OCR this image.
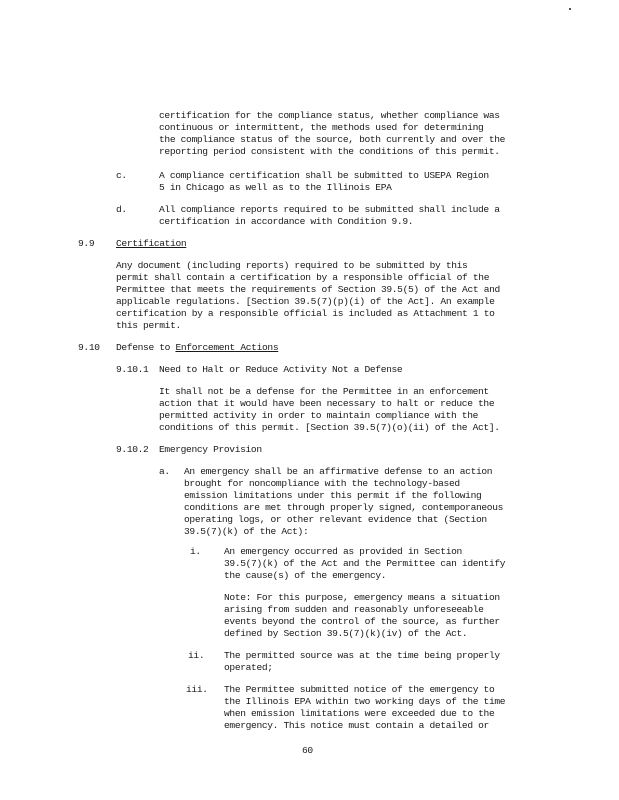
certification for the compliance status, whether compliance was
continuous or intermittent, the methods used for determining
the compliance status of the source, both currently and over the
reporting period consistent with the conditions of this permit.
c.	A compliance certification shall be submitted to USEPA Region
5 in Chicago as well as to the Illinois EPA
d.	All compliance reports required to be submitted shall include a
certification in accordance with Condition 9.9.
9.9 Certification
Any document (including reports) required to be submitted by this
permit shall contain a certification by a responsible official of the
Permittee that meets the requirements of Section 39.5(5) of the Act and
applicable regulations. [Section 39.5(7)(p)(i) of the Act]. An example
certification by a responsible official is included as Attachment 1 to
this permit.
9.10 Defense to Enforcement Actions
9.10.1 Need to Halt or Reduce Activity Not a Defense
It shall not be a defense for the Permittee in an enforcement
action that it would have been necessary to halt or reduce the
permitted activity in order to maintain compliance with the
conditions of this permit. [Section 39.5(7)(o)(ii) of the Act].
9.10.2 Emergency Provision
a. An emergency shall be an affirmative defense to an action
brought for noncompliance with the technology-based
emission limitations under this permit if the following
conditions are met through properly signed, contemporaneous
operating logs, or other relevant evidence that (Section
39.5(7)(k) of the Act):
i. An emergency occurred as provided in Section
39.5(7)(k) of the Act and the Permittee can identify
the cause(s) of the emergency.
Note: For this purpose, emergency means a situation
arising from sudden and reasonably unforeseeable
events beyond the control of the source, as further
defined by Section 39.5(7)(k)(iv) of the Act.
ii. The permitted source was at the time being properly
operated;
iii. The Permittee submitted notice of the emergency to
the Illinois EPA within two working days of the time
when emission limitations were exceeded due to the
emergency. This notice must contain a detailed or
60
